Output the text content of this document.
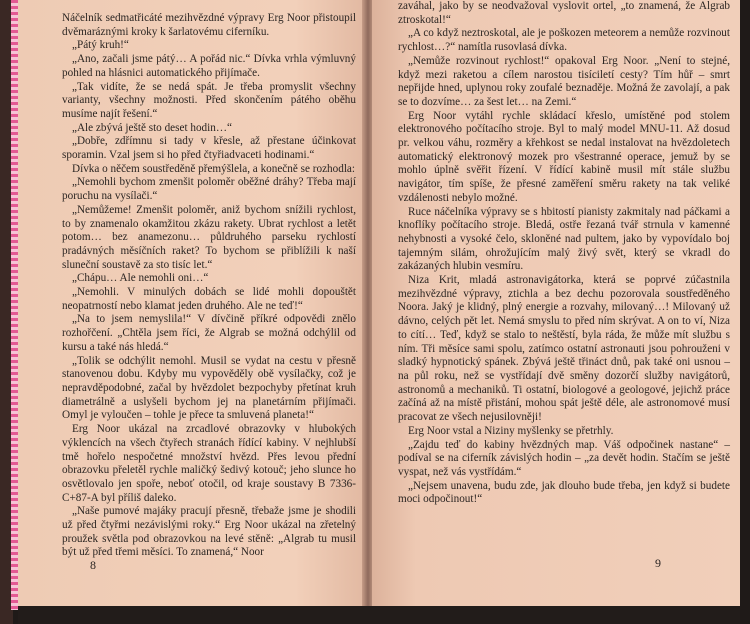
Náčelník sedmatřicáté mezihvězdné výpravy Erg Noor přistoupil dvěmaráznými kroky k šarlatovému ciferníku.

„Pátý kruh!“

„Ano, začali jsme pátý… A pořád nic.“ Dívka vrhla výmluvný pohled na hlásnici automatického přijímače.

„Tak vidíte, že se nedá spát. Je třeba promyslit všechny varianty, všechny možnosti. Před skončením pátého oběhu musíme najít řešení.“

„Ale zbývá ještě sto deset hodin…“

„Dobře, zdřímnu si tady v křesle, až přestane účinkovat sporamin. Vzal jsem si ho před čtyřiadvaceti hodinami.“

Dívka o něčem soustředěně přemýšlela, a konečně se rozhodla:

„Nemohli bychom zmenšit poloměr oběžné dráhy? Třeba mají poruchu na vysílači.“

„Nemůžeme! Zmenšit poloměr, aniž bychom snížili rychlost, to by znamenalo okamžitou zkázu rakety. Ubrat rychlost a letět potom… bez anamezonu… půldruhého parseku rychlostí pradávných měsíčních raket? To bychom se přiblížili k naší sluneční soustavě za sto tisíc let.“

„Chápu… Ale nemohli oni…“

„Nemohli. V minulých dobách se lidé mohli dopouštět neopatrností nebo klamat jeden druhého. Ale ne teď!“

„Na to jsem nemyslila!“ V dívčině příkré odpovědi znělo rozhořčení. „Chtěla jsem říci, že Algrab se možná odchýlil od kursu a také nás hledá.“

„Tolik se odchýlit nemohl. Musil se vydat na cestu v přesně stanovenou dobu. Kdyby mu vypověděly obě vysílačky, což je nepravděpodobné, začal by hvězdolet bezpochyby přetínat kruh diametrálně a uslyšeli bychom jej na planetárním přijímači. Omyl je vyloučen – tohle je přece ta smluvená planeta!“

Erg Noor ukázal na zrcadlové obrazovky v hlubokých výklencích na všech čtyřech stranách řídící kabiny. V nejhlubší tmě hořelo nespočetné množství hvězd. Přes levou přední obrazovku přeletěl rychle maličký šedivý kotouč; jeho slunce ho osvětlovalo jen spoře, neboť otočil, od kraje soustavy B 7336-C+87-A byl příliš daleko.

„Naše pumové majáky pracují přesně, třebaže jsme je shodili už před čtyřmi nezávislými roky.“ Erg Noor ukázal na zřetelný proužek světla pod obrazovkou na levé stěně: „Algrab tu musil být už před třemi měsíci. To znamená,“ Noor

zaváhal, jako by se neodvažoval vyslovit ortel, „to znamená, že Algrab ztroskotal!“

„A co když neztroskotal, ale je poškozen meteorem a nemůže rozvinout rychlost…?“ namítla rusovlasá dívka.

„Nemůže rozvinout rychlost!“ opakoval Erg Noor. „Není to stejné, když mezi raketou a cílem narostou tisíciletí cesty? Tím hůř – smrt nepřijde hned, uplynou roky zoufalé beznaděje. Možná že zavolají, a pak se to dozvíme… za šest let… na Zemi.“

Erg Noor vytáhl rychle skládací křeslo, umístěné pod stolem elektronového počítacího stroje. Byl to malý model MNU-11. Až dosud pr. velkou váhu, rozměry a křehkost se nedal instalovat na hvězdoletech automatický elektronový mozek pro všestranné operace, jemuž by se mohlo úplně svěřit řízení. V řídící kabině musil mít stále službu navigátor, tím spíše, že přesné zaměření směru rakety na tak veliké vzdálenosti nebylo možné.

Ruce náčelníka výpravy se s hbitostí pianisty zakmitaly nad páčkami a knoflíky počítacího stroje. Bledá, ostře řezaná tvář strnula v kamenné nehybnosti a vysoké čelo, skloněné nad pultem, jako by vypovídalo boj tajemným silám, ohrožujícím malý živý svět, který se vkradl do zakázaných hlubin vesmíru.

Niza Krit, mladá astronavigátorka, která se poprvé zúčastnila mezihvězdné výpravy, ztichla a bez dechu pozorovala soustředěného Noora. Jaký je klidný, plný energie a rozvahy, milovaný…! Milovaný už dávno, celých pět let. Nemá smyslu to před ním skrývat. A on to ví, Niza to cítí… Teď, když se stalo to neštěstí, byla ráda, že může mít službu s ním. Tři měsíce sami spolu, zatímco ostatní astronauti jsou pohrouženi v sladký hypnotický spánek. Zbývá ještě třináct dnů, pak také oni usnou – na půl roku, než se vystřídají dvě směny dozorčí služby navigátorů, astronomů a mechaniků. Ti ostatní, biologové a geologové, jejichž práce začíná až na místě přistání, mohou spát ještě déle, ale astronomové musí pracovat ze všech nejusilovněji!

Erg Noor vstal a Niziny myšlenky se přetrhly.

„Zajdu teď do kabiny hvězdných map. Váš odpočinek nastane“ – podíval se na ciferník závislých hodin – „za devět hodin. Stačím se ještě vyspat, než vás vystřídám.“

„Nejsem unavena, budu zde, jak dlouho bude třeba, jen když si budete moci odpočinout!“

8	9
